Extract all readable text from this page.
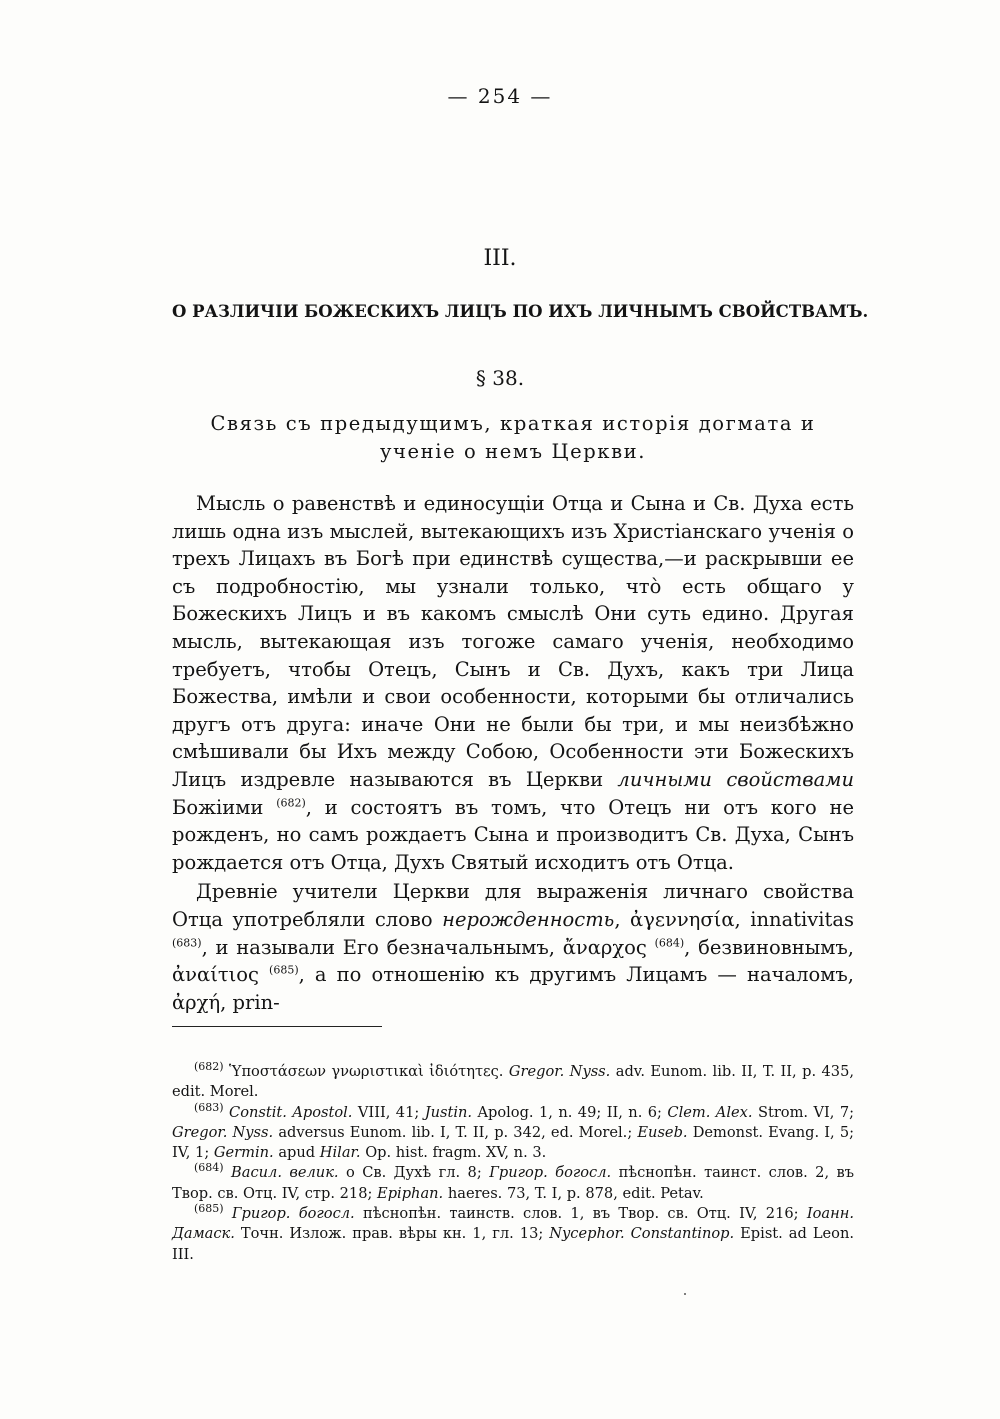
— 254 —
III.
О РАЗЛИЧІИ БОЖЕСКИХЪ ЛИЦЪ ПО ИХЪ ЛИЧНЫМЪ СВОЙСТВАМЪ.
§ 38.
Связь съ предыдущимъ, краткая исторія догмата и ученіе о немъ Церкви.

Мысль о равенствѣ и единосущіи Отца и Сына и Св. Духа есть лишь одна изъ мыслей, вытекающихъ изъ Христіанскаго ученія о трехъ Лицахъ въ Богѣ при единствѣ существа,—и раскрывши ее съ подробностію, мы узнали только, что̀ есть общаго у Божескихъ Лицъ и въ какомъ смыслѣ Они суть едино. Другая мысль, вытекающая изъ тогоже самаго ученія, необходимо требуетъ, чтобы Отецъ, Сынъ и Св. Духъ, какъ три Лица Божества, имѣли и свои особенности, которыми бы отличались другъ отъ друга: иначе Они не были бы три, и мы неизбѣжно смѣшивали бы Ихъ между Собою, Особенности эти Божескихъ Лицъ издревле называются въ Церкви личными свойствами Божіими $^{(682)}$, и состоятъ въ томъ, что Отецъ ни отъ кого не рожденъ, но самъ рождаетъ Сына и производитъ Св. Духа, Сынъ рождается отъ Отца, Духъ Святый исходитъ отъ Отца.

Древніе учители Церкви для выраженія личнаго свойства Отца употребляли слово нерожденность, ἀγεννησία, innativitas $^{(683)}$, и называли Его безначальнымъ, ἄναρχος $^{(684)}$, безвиновнымъ, ἀναίτιος $^{(685)}$, а по отношенію къ другимъ Лицамъ — началомъ, ἀρχή, prin-

$^{(682)}$ Ὑποστάσεων γνωριστικαὶ ἰδιότητες. Gregor. Nyss. adv. Eunom. lib. II, T. II, p. 435, edit. Morel.

$^{(683)}$ Constit. Apostol. VIII, 41; Justin. Apolog. 1, n. 49; II, n. 6; Clem. Alex. Strom. VI, 7; Gregor. Nyss. adversus Eunom. lib. I, T. II, p. 342, ed. Morel.; Euseb. Demonst. Evang. I, 5; IV, 1; Germin. apud Hilar. Op. hist. fragm. XV, n. 3.

$^{(684)}$ Васил. велик. о Св. Духѣ гл. 8; Григор. богосл. пѣснопѣн. таинст. слов. 2, въ Твор. св. Отц. IV, стр. 218; Epiphan. haeres. 73, T. I, p. 878, edit. Petav.

$^{(685)}$ Григор. богосл. пѣснопѣн. таинств. слов. 1, въ Твор. св. Отц. IV, 216; Іоанн. Дамаск. Точн. Излож. прав. вѣры кн. 1, гл. 13; Nycephor. Constantinop. Epist. ad Leon. III.
